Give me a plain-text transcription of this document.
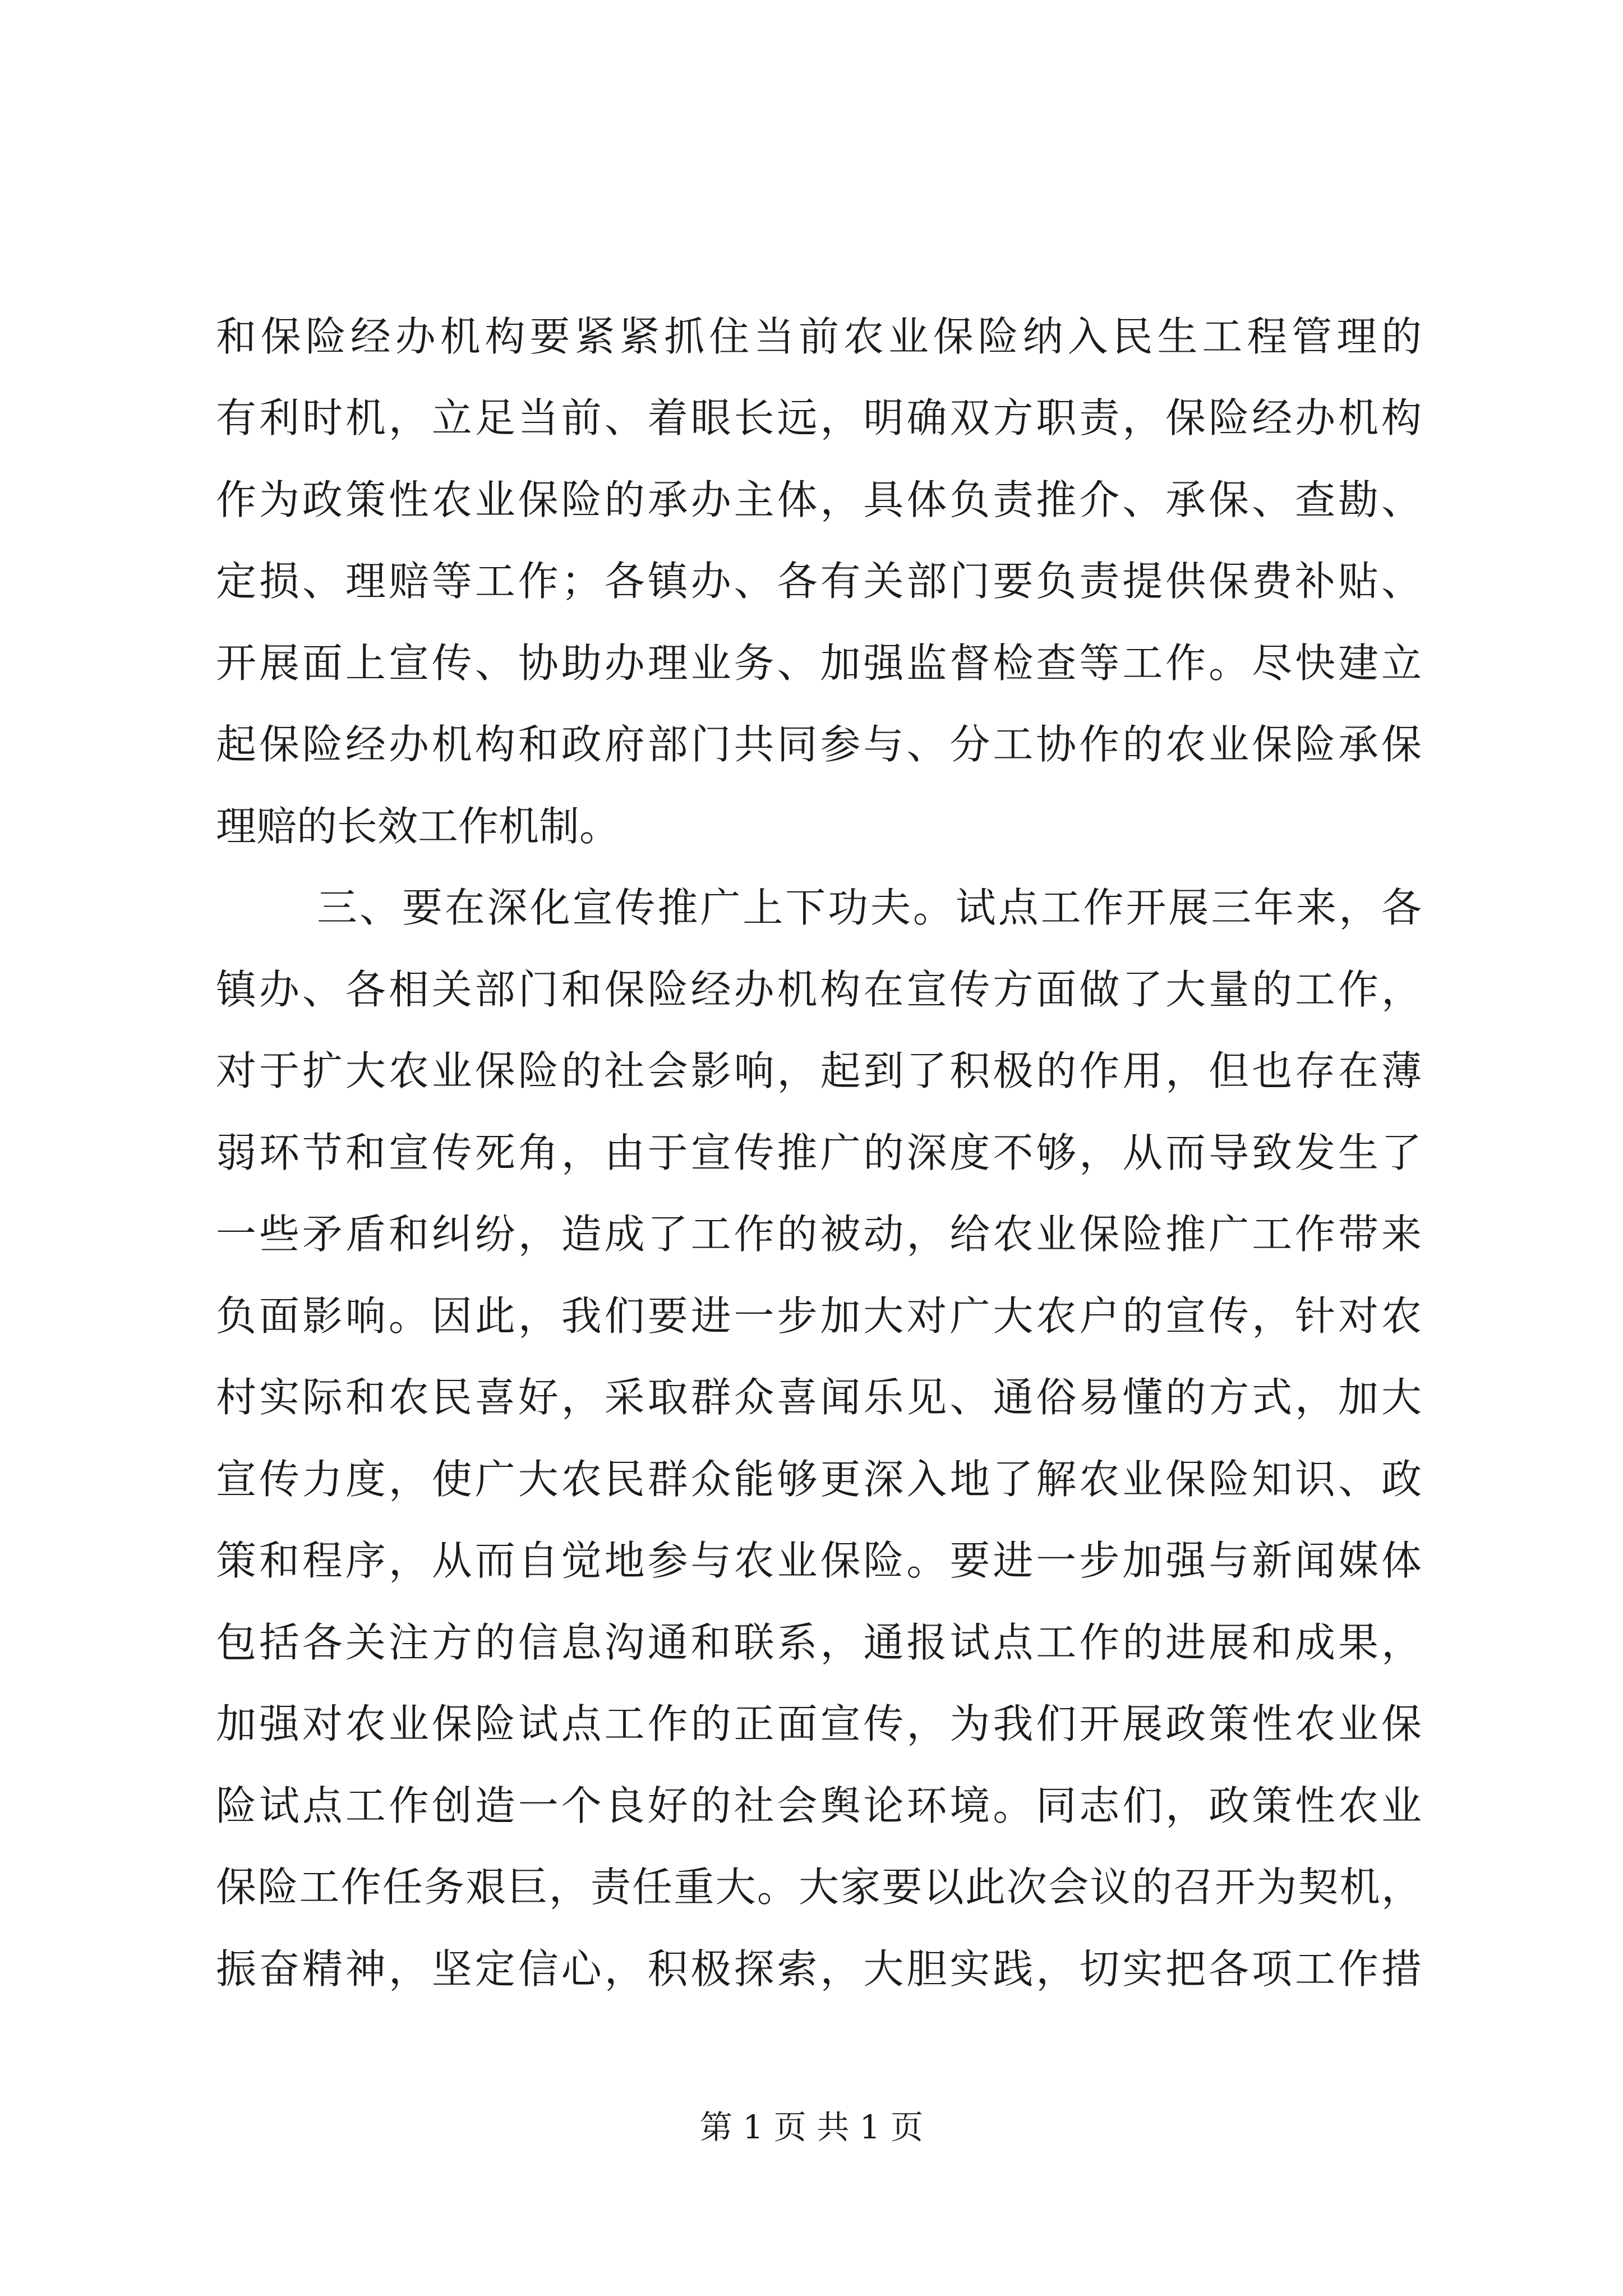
和保险经办机构要紧紧抓住当前农业保险纳入民生工程管理的
有利时机，立足当前、着眼长远，明确双方职责，保险经办机构
作为政策性农业保险的承办主体，具体负责推介、承保、查勘、
定损、理赔等工作；各镇办、各有关部门要负责提供保费补贴、
开展面上宣传、协助办理业务、加强监督检查等工作。尽快建立
起保险经办机构和政府部门共同参与、分工协作的农业保险承保
理赔的长效工作机制。
三、要在深化宣传推广上下功夫。试点工作开展三年来，各
镇办、各相关部门和保险经办机构在宣传方面做了大量的工作，
对于扩大农业保险的社会影响，起到了积极的作用，但也存在薄
弱环节和宣传死角，由于宣传推广的深度不够，从而导致发生了
一些矛盾和纠纷，造成了工作的被动，给农业保险推广工作带来
负面影响。因此，我们要进一步加大对广大农户的宣传，针对农
村实际和农民喜好，采取群众喜闻乐见、通俗易懂的方式，加大
宣传力度，使广大农民群众能够更深入地了解农业保险知识、政
策和程序，从而自觉地参与农业保险。要进一步加强与新闻媒体
包括各关注方的信息沟通和联系，通报试点工作的进展和成果，
加强对农业保险试点工作的正面宣传，为我们开展政策性农业保
险试点工作创造一个良好的社会舆论环境。同志们，政策性农业
保险工作任务艰巨，责任重大。大家要以此次会议的召开为契机，
振奋精神，坚定信心，积极探索，大胆实践，切实把各项工作措
第 1 页 共 1 页
